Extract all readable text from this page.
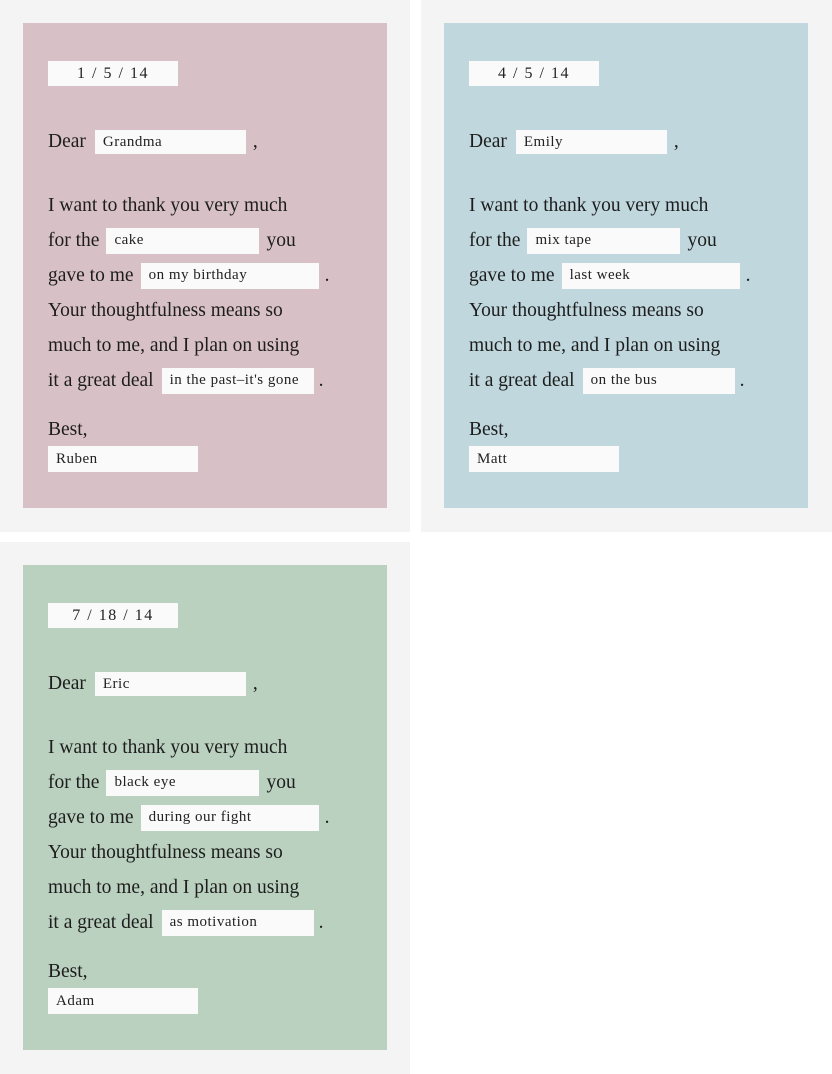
1 / 5 / 14
Dear Grandma	,
I want to thank you very much
for the cake	you
gave to me on my birthday	.
Your thoughtfulness means so
much to me, and I plan on using
it a great deal in the past–it's gone .
Best,
Ruben
4 / 5 / 14
Dear Emily	,
I want to thank you very much
for the mix tape	you
gave to me last week	.
Your thoughtfulness means so
much to me, and I plan on using
it a great deal on the bus	.
Best,
Matt
7 / 18 / 14
Dear Eric	,
I want to thank you very much
for the black eye	you
gave to me during our fight	.
Your thoughtfulness means so
much to me, and I plan on using
it a great deal as motivation	.
Best,
Adam
